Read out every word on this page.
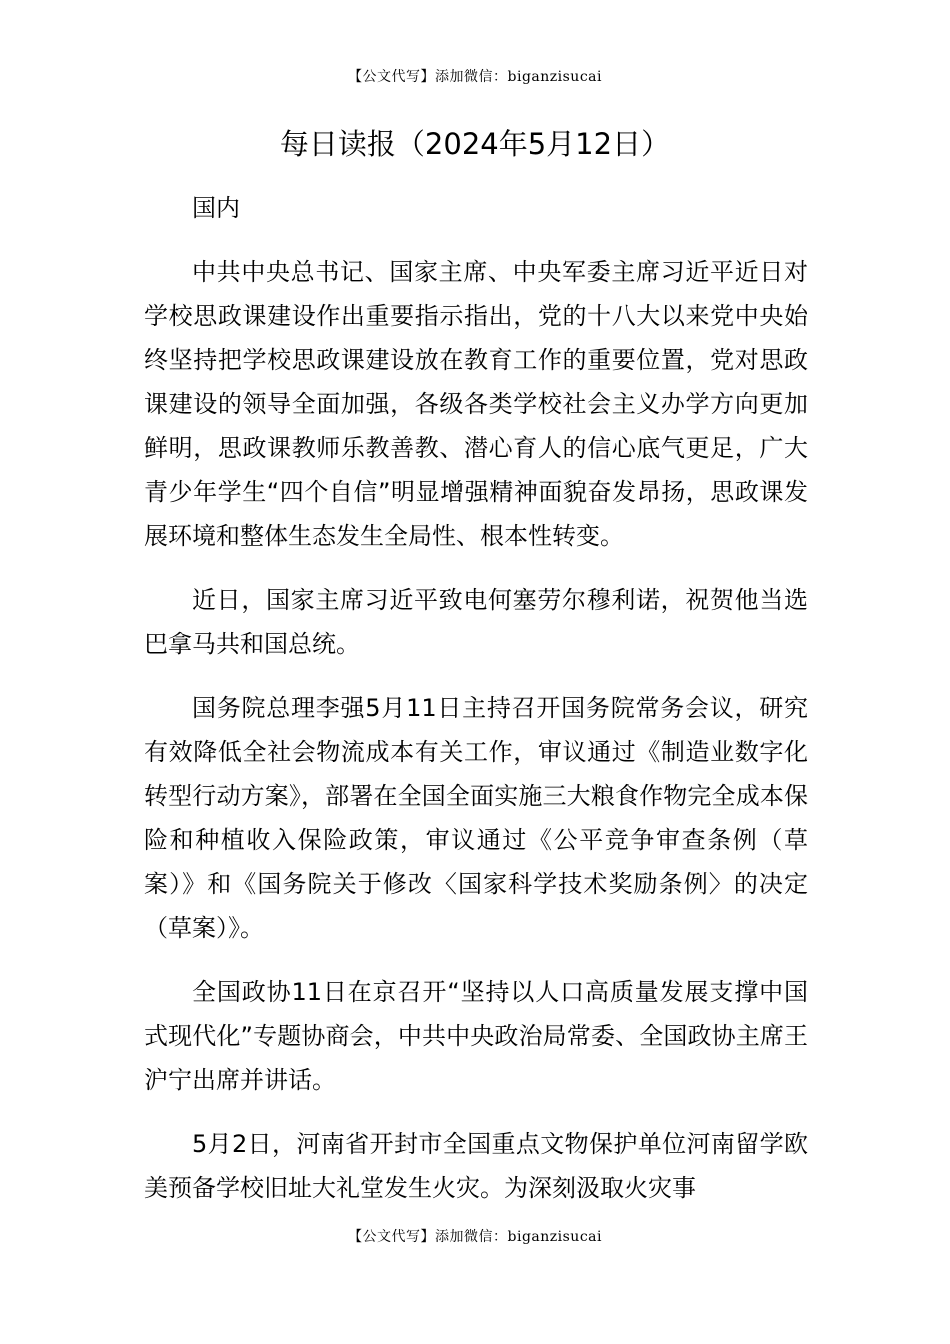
【公文代写】添加微信：biganzisucai
每日读报（2024年5月12日）

国内

中共中央总书记、国家主席、中央军委主席习近平近日对学校思政课建设作出重要指示指出，党的十八大以来党中央始终坚持把学校思政课建设放在教育工作的重要位置，党对思政课建设的领导全面加强，各级各类学校社会主义办学方向更加鲜明，思政课教师乐教善教、潜心育人的信心底气更足，广大青少年学生“四个自信”明显增强精神面貌奋发昂扬，思政课发展环境和整体生态发生全局性、根本性转变。

近日，国家主席习近平致电何塞劳尔穆利诺，祝贺他当选巴拿马共和国总统。

国务院总理李强5月11日主持召开国务院常务会议，研究有效降低全社会物流成本有关工作，审议通过《制造业数字化转型行动方案》，部署在全国全面实施三大粮食作物完全成本保险和种植收入保险政策，审议通过《公平竞争审查条例（草案）》和《国务院关于修改〈国家科学技术奖励条例〉的决定（草案）》。

全国政协11日在京召开“坚持以人口高质量发展支撑中国式现代化”专题协商会，中共中央政治局常委、全国政协主席王沪宁出席并讲话。

5月2日，河南省开封市全国重点文物保护单位河南留学欧美预备学校旧址大礼堂发生火灾。为深刻汲取火灾事

【公文代写】添加微信：biganzisucai
